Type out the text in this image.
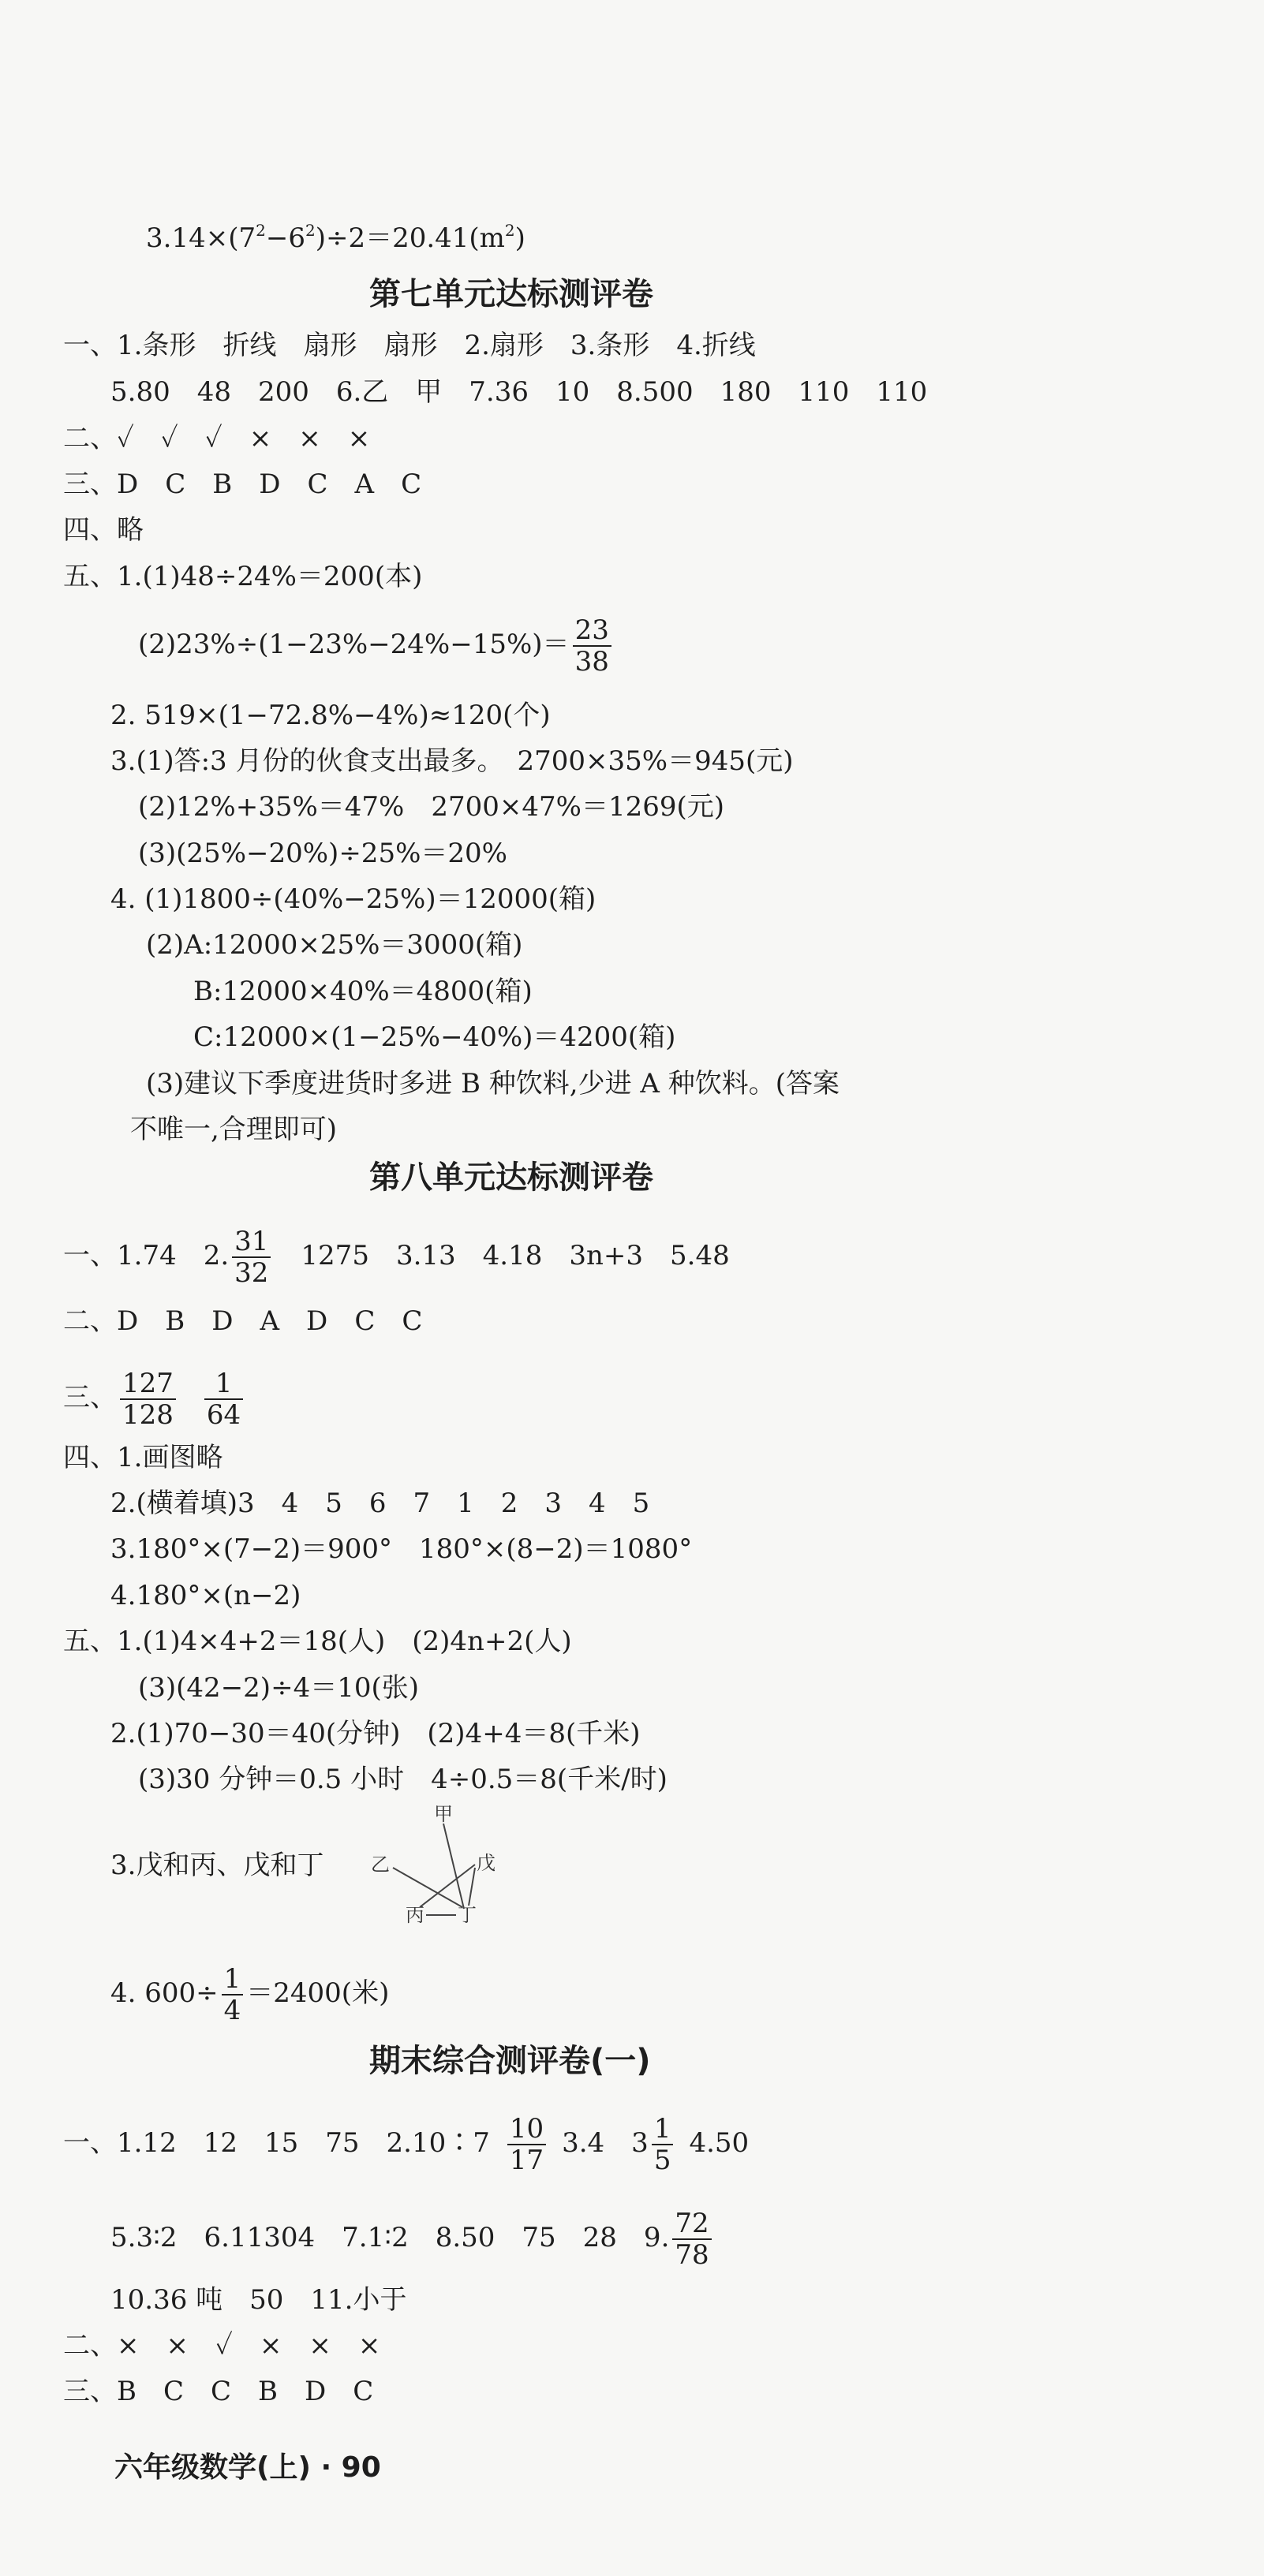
$3.14\times(7^2-6^2)\div 2=20.41(m^2)$
第七单元达标测评卷
一、1.条形　折线　扇形　扇形　2.扇形　3.条形　4.折线
5.80　48　200　6.乙　甲　7.36　10　8.500　180　110　110
二、✓　✓　✓　×　×　×
三、D　C　B　D　C　A　C
四、略
五、1.(1)48÷24%＝200(本)
$(2)23\%\div(1-23\%-24\%-15\%)= \frac{23}{38}$
2. 519×(1−72.8%−4%)≈120(个)
3.(1)答:3 月份的伙食支出最多。　2700×35%＝945(元)
(2)12%+35%＝47%　2700×47%＝1269(元)
(3)(25%−20%)÷25%＝20%
4. (1)1800÷(40%−25%)＝12000(箱)
(2)A:12000×25%＝3000(箱)
B:12000×40%＝4800(箱)
C:12000×(1−25%−40%)＝4200(箱)
(3)建议下季度进货时多进 B 种饮料,少进 A 种饮料。(答案
不唯一,合理即可)
第八单元达标测评卷
一、1.74　2. $\frac{31}{32}$ 　1275　3.13　4.18　3n+3　5.48
二、D　B　D　A　D　C　C
三、 $\frac{127}{128} \frac{1}{64}$
四、1.画图略
2.(横着填)3　4　5　6　7　1　2　3　4　5
3.180°×(7−2)＝900°　180°×(8−2)＝1080°
4.180°×(n−2)
五、1.(1)4×4+2＝18(人)　(2)4n+2(人)
(3)(42−2)÷4＝10(张)
2.(1)70−30＝40(分钟)　(2)4+4＝8(千米)
(3)30 分钟＝0.5 小时　4÷0.5＝8(千米/时)
3.戊和丙、戊和丁
甲
乙	戊
丙 丁
4. $600\div \frac{1}{4} =2400$(米)
期末综合测评卷(一)
一、1.12　12　15　75　2.10∶7 $\frac{10}{17} 3.4$　$3 \frac{1}{5} 4.50$
5.3∶2　6.11304　7.1∶2　8.50　75　28　9. $\frac{72}{78}$
10.36 吨　50　11.小于
二、×　×　✓　×　×　×
三、B　C　C　B　D　C
六年级数学(上) · 90
